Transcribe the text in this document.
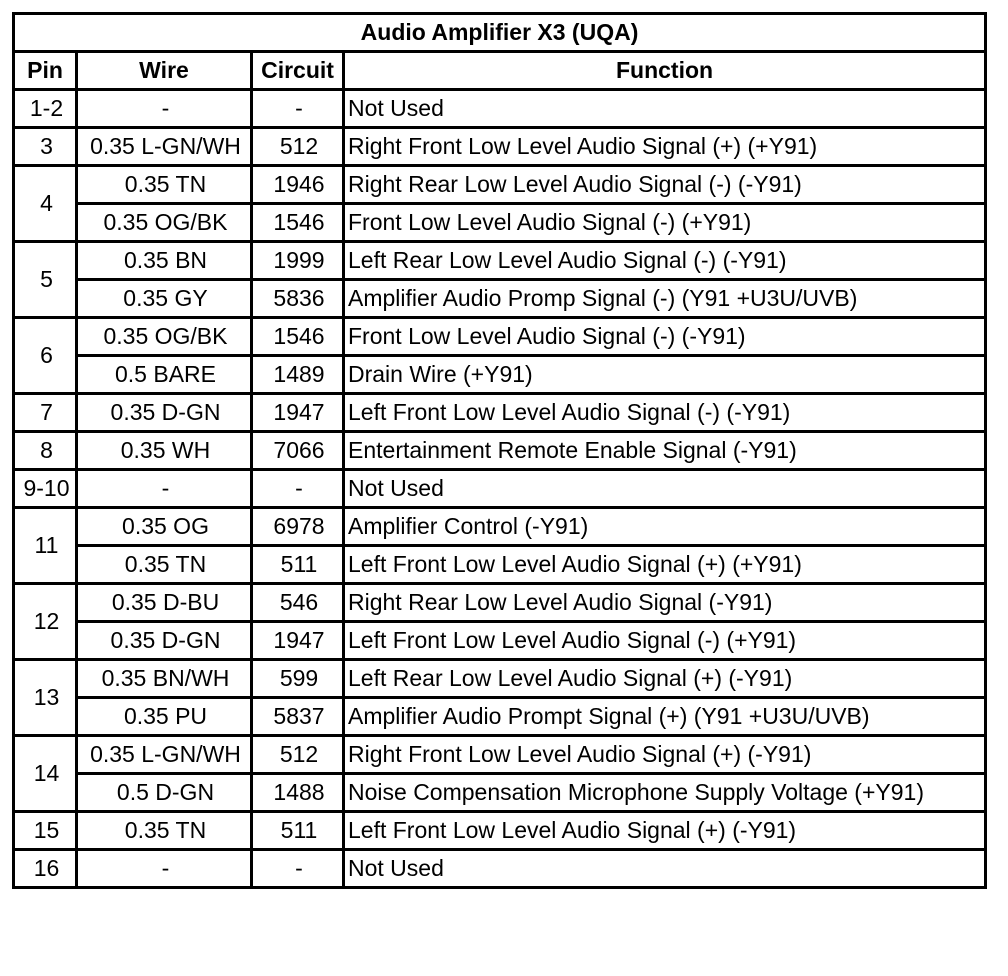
Audio Amplifier X3 (UQA)			
Pin	Wire	Circuit	Function
1-2	-	-	Not Used
3	0.35 L-GN/WH	512	Right Front Low Level Audio Signal (+) (+Y91)
4	0.35 TN	1946	Right Rear Low Level Audio Signal (-) (-Y91)
	0.35 OG/BK	1546	Front Low Level Audio Signal (-) (+Y91)
5	0.35 BN	1999	Left Rear Low Level Audio Signal (-) (-Y91)
	0.35 GY	5836	Amplifier Audio Promp Signal (-) (Y91 +U3U/UVB)
6	0.35 OG/BK	1546	Front Low Level Audio Signal (-) (-Y91)
	0.5 BARE	1489	Drain Wire (+Y91)
7	0.35 D-GN	1947	Left Front Low Level Audio Signal (-) (-Y91)
8	0.35 WH	7066	Entertainment Remote Enable Signal (-Y91)
9-10	-	-	Not Used
11	0.35 OG	6978	Amplifier Control (-Y91)
	0.35 TN	511	Left Front Low Level Audio Signal (+) (+Y91)
12	0.35 D-BU	546	Right Rear Low Level Audio Signal (-Y91)
	0.35 D-GN	1947	Left Front Low Level Audio Signal (-) (+Y91)
13	0.35 BN/WH	599	Left Rear Low Level Audio Signal (+) (-Y91)
	0.35 PU	5837	Amplifier Audio Prompt Signal (+) (Y91 +U3U/UVB)
14	0.35 L-GN/WH	512	Right Front Low Level Audio Signal (+) (-Y91)
	0.5 D-GN	1488	Noise Compensation Microphone Supply Voltage (+Y91)
15	0.35 TN	511	Left Front Low Level Audio Signal (+) (-Y91)
16	-	-	Not Used
